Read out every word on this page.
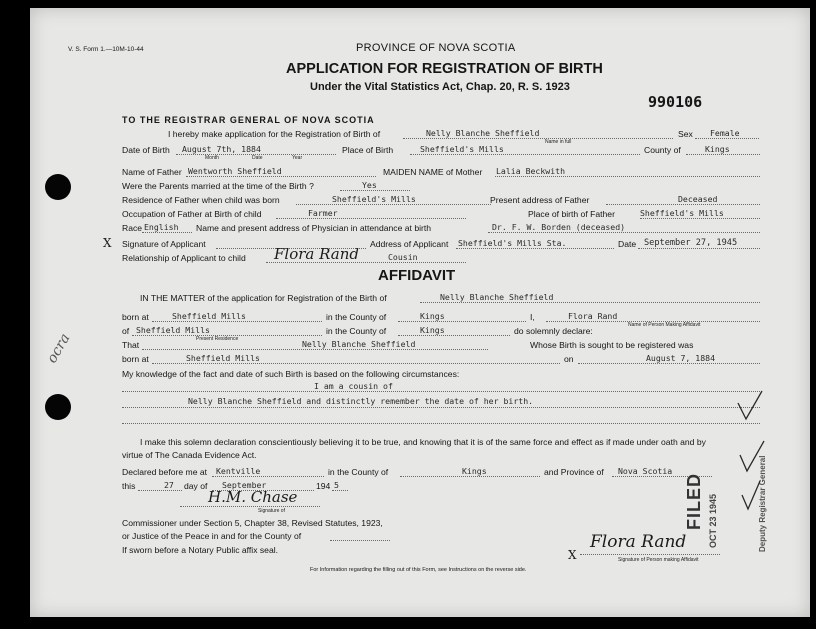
V. S. Form 1.—10M-10-44	PROVINCE OF NOVA SCOTIA
APPLICATION FOR REGISTRATION OF BIRTH
Under the Vital Statistics Act, Chap. 20, R. S. 1923
990106
TO THE REGISTRAR GENERAL OF NOVA SCOTIA
I hereby make application for the Registration of Birth of	Nelly Blanche Sheffield
Name in full
Sex Female
Date of Birth August 7th, 1884
Month	Date	Year
Place of Birth	Sheffield's Mills	County of	Kings
Name of Father Wentworth Sheffield	MAIDEN NAME of Mother Lalia Beckwith
Were the Parents married at the time of the Birth ?	Yes
Residence of Father when child was born	Sheffield's Mills	Present address of Father	Deceased
Occupation of Father at Birth of child	Farmer	Place of birth of Father	Sheffield's Mills
Race English Name and present address of Physician in attendance at birth	Dr. F. W. Borden (deceased)
X Signature of Applicant	Address of Applicant Sheffield's Mills Sta.	Date September 27, 1945
Relationship of Applicant to child Flora Rand	Cousin
AFFIDAVIT
IN THE MATTER of the application for Registration of the Birth of	Nelly Blanche Sheffield
born at	Sheffield Mills	in the County of	Kings	I,	Flora Rand
Name of Person Making Affidavit
of Sheffield Mills
Present Residence
in the County of	Kings	do solemnly declare:
That	Nelly Blanche Sheffield	Whose Birth is sought to be registered was
born at	Sheffield Mills	on	August 7, 1884
My knowledge of the fact and date of such Birth is based on the following circumstances:
I am a cousin of
Nelly Blanche Sheffield and distinctly remember the date of her birth.
I make this solemn declaration conscientiously believing it to be true, and knowing that it is of the same force and effect as if made under oath and by
virtue of The Canada Evidence Act.
Declared before me at Kentville	in the County of	Kings	and Province of Nova Scotia
this	27 day of September	194 5
H.M. Chase
Signature of
Commissioner under Section 5, Chapter 38, Revised Statutes, 1923,
or Justice of the Peace in and for the County of
If sworn before a Notary Public affix seal.	X
Flora Rand
Signature of Person making Affidavit
For Information regarding the filling out of this Form, see Instructions on the reverse side.
ocra
FILED OCT 23 1945	Deputy Registrar General
